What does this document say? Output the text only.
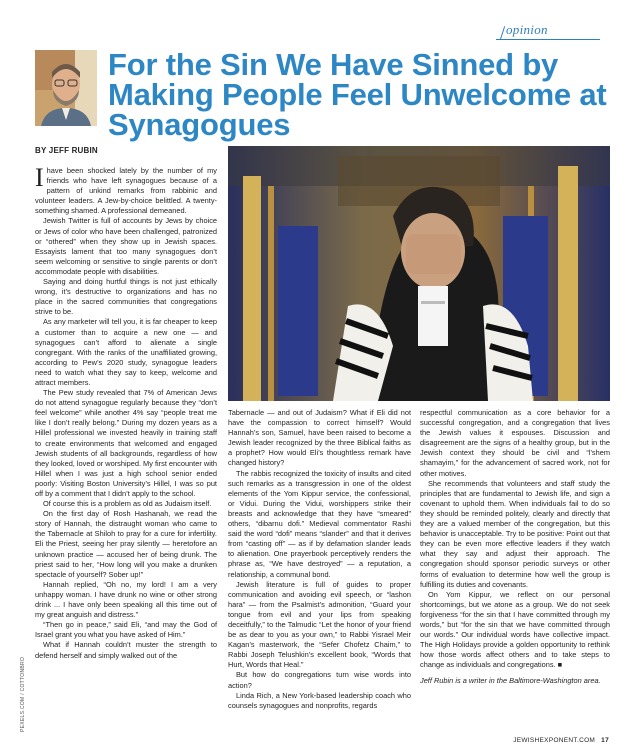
opinion
For the Sin We Have Sinned by Making People Feel Unwelcome at Synagogues
BY JEFF RUBIN

Ihave been shocked lately by the number of my friends who have left synagogues because of a pattern of unkind remarks from rabbinic and volunteer leaders. A Jew-by-choice belittled. A twenty-something shamed. A professional demeaned.

Jewish Twitter is full of accounts by Jews by choice or Jews of color who have been challenged, patronized or “othered” when they show up in Jewish spaces. Essayists lament that too many synagogues don’t seem welcoming or sensitive to single parents or don’t accommodate people with disabilities.

Saying and doing hurtful things is not just ethically wrong, it’s destructive to organizations and has no place in the sacred communities that congregations strive to be.

As any marketer will tell you, it is far cheaper to keep a customer than to acquire a new one — and synagogues can’t afford to alienate a single congregant. With the ranks of the unaffiliated growing, according to Pew’s 2020 study, synagogue leaders need to watch what they say to keep, welcome and attract members.

The Pew study revealed that 7% of American Jews do not attend synagogue regularly because they “don’t feel welcome” while another 4% say “people treat me like I don’t really belong.” During my dozen years as a Hillel professional we invested heavily in training staff to create environments that welcomed and engaged Jewish students of all backgrounds, regardless of how they looked, loved or worshiped. My first encounter with Hillel when I was just a high school senior ended poorly: Visiting Boston University’s Hillel, I was so put off by a comment that I didn’t apply to the school.

Of course this is a problem as old as Judaism itself.

On the first day of Rosh Hashanah, we read the story of Hannah, the distraught woman who came to the Tabernacle at Shiloh to pray for a cure for infertility. Eli the Priest, seeing her pray silently — heretofore an unknown practice — accused her of being drunk. The priest said to her, “How long will you make a drunken spectacle of yourself? Sober up!”

Hannah replied, “Oh no, my lord! I am a very unhappy woman. I have drunk no wine or other strong drink ... I have only been speaking all this time out of my great anguish and distress.”

“Then go in peace,” said Eli, “and may the God of Israel grant you what you have asked of Him.”

What if Hannah couldn’t muster the strength to defend herself and simply walked out of the

Tabernacle — and out of Judaism? What if Eli did not have the compassion to correct himself? Would Hannah’s son, Samuel, have been raised to become a Jewish leader recognized by the three Biblical faiths as a prophet? How would Eli’s thoughtless remark have changed history?

The rabbis recognized the toxicity of insults and cited such remarks as a transgression in one of the oldest elements of the Yom Kippur service, the confessional, or Vidui. During the Vidui, worshippers strike their breasts and acknowledge that they have “smeared” others, “dibarnu dofi.” Medieval commentator Rashi said the word “dofi” means “slander” and that it derives from “casting off” — as if by defamation slander leads to alienation. One prayerbook perceptively renders the phrase as, “We have destroyed” — a reputation, a relationship, a communal bond.

Jewish literature is full of guides to proper communication and avoiding evil speech, or “lashon hara” — from the Psalmist’s admonition, “Guard your tongue from evil and your lips from speaking deceitfully,” to the Talmudic “Let the honor of your friend be as dear to you as your own,” to Rabbi Yisrael Meir Kagan’s masterwork, the “Sefer Chofetz Chaim,” to Rabbi Joseph Telushkin’s excellent book, “Words that Hurt, Words that Heal.”

But how do congregations turn wise words into action?

Linda Rich, a New York-based leadership coach who counsels synagogues and nonprofits, regards

respectful communication as a core behavior for a successful congregation, and a congregation that lives the Jewish values it espouses. Discussion and disagreement are the signs of a healthy group, but in the Jewish context they should be civil and “l’shem shamayim,” for the advancement of sacred work, not for other motives.

She recommends that volunteers and staff study the principles that are fundamental to Jewish life, and sign a covenant to uphold them. When individuals fail to do so they should be reminded politely, clearly and directly that they are a valued member of the congregation, but this behavior is unacceptable. Try to be positive: Point out that they can be even more effective leaders if they watch what they say and adjust their approach. The congregation should sponsor periodic surveys or other forms of evaluation to determine how well the group is fulfilling its duties and covenants.

On Yom Kippur, we reflect on our personal shortcomings, but we atone as a group. We do not seek forgiveness “for the sin that I have committed through my words,” but “for the sin that we have committed through our words.” Our individual words have collective impact. The High Holidays provide a golden opportunity to rethink how those words affect others and to take steps to change as individuals and congregations. ■

Jeff Rubin is a writer in the Baltimore-Washington area.

PEXELS.COM / COTTONBRO
JEWISHEXPONENT.COM 17
